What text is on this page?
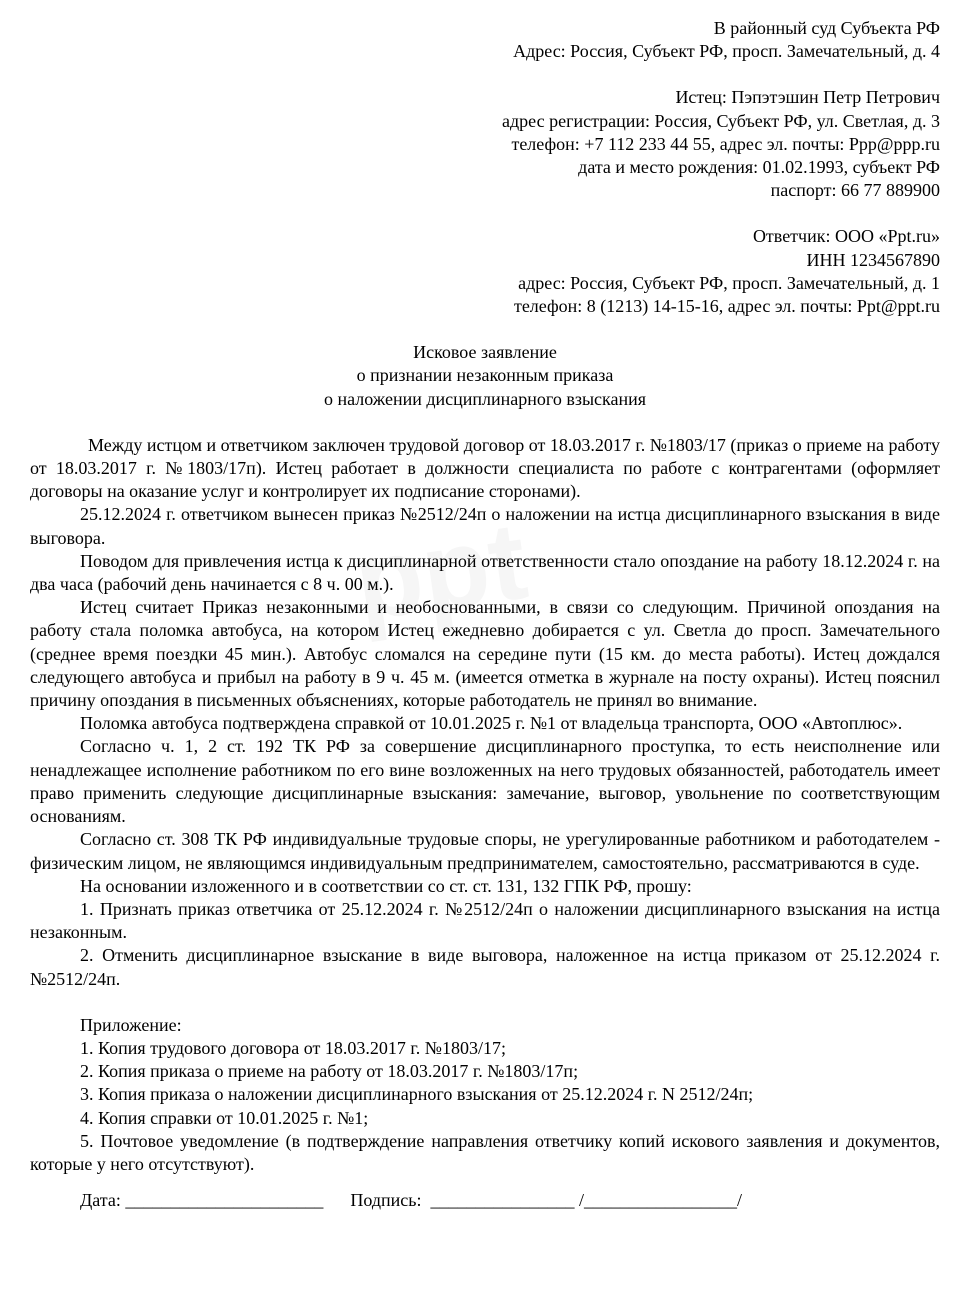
В районный суд Субъекта РФ
Адрес: Россия, Субъект РФ, просп. Замечательный, д. 4
Истец: Пэпэтэшин Петр Петрович
адрес регистрации: Россия, Субъект РФ, ул. Светлая, д. 3
телефон: +7 112 233 44 55, адрес эл. почты: Ppp@ppp.ru
дата и место рождения: 01.02.1993, субъект РФ
паспорт: 66 77 889900
Ответчик: ООО «Ppt.ru»
ИНН 1234567890
адрес: Россия, Субъект РФ, просп. Замечательный, д. 1
телефон: 8 (1213) 14-15-16, адрес эл. почты: Ppt@ppt.ru
Исковое заявление
о признании незаконным приказа
о наложении дисциплинарного взыскания

Между истцом и ответчиком заключен трудовой договор от 18.03.2017 г. №1803/17 (приказ о приеме на работу от 18.03.2017 г. №1803/17п). Истец работает в должности специалиста по работе с контрагентами (оформляет договоры на оказание услуг и контролирует их подписание сторонами).

25.12.2024 г. ответчиком вынесен приказ №2512/24п о наложении на истца дисциплинарного взыскания в виде выговора.

Поводом для привлечения истца к дисциплинарной ответственности стало опоздание на работу 18.12.2024 г. на два часа (рабочий день начинается с 8 ч. 00 м.).

Истец считает Приказ незаконными и необоснованными, в связи со следующим. Причиной опоздания на работу стала поломка автобуса, на котором Истец ежедневно добирается с ул. Светла до просп. Замечательного (среднее время поездки 45 мин.). Автобус сломался на середине пути (15 км. до места работы). Истец дождался следующего автобуса и прибыл на работу в 9 ч. 45 м. (имеется отметка в журнале на посту охраны). Истец пояснил причину опоздания в письменных объяснениях, которые работодатель не принял во внимание.

Поломка автобуса подтверждена справкой от 10.01.2025 г. №1 от владельца транспорта, ООО «Автоплюс».

Согласно ч. 1, 2 ст. 192 ТК РФ за совершение дисциплинарного проступка, то есть неисполнение или ненадлежащее исполнение работником по его вине возложенных на него трудовых обязанностей, работодатель имеет право применить следующие дисциплинарные взыскания: замечание, выговор, увольнение по соответствующим основаниям.

Согласно ст. 308 ТК РФ индивидуальные трудовые споры, не урегулированные работником и работодателем - физическим лицом, не являющимся индивидуальным предпринимателем, самостоятельно, рассматриваются в суде.

На основании изложенного и в соответствии со ст. ст. 131, 132 ГПК РФ, прошу:

1. Признать приказ ответчика от 25.12.2024 г. №2512/24п о наложении дисциплинарного взыскания на истца незаконным.

2. Отменить дисциплинарное взыскание в виде выговора, наложенное на истца приказом от 25.12.2024 г. №2512/24п.

Приложение:

1. Копия трудового договора от 18.03.2017 г. №1803/17;

2. Копия приказа о приеме на работу от 18.03.2017 г. №1803/17п;

3. Копия приказа о наложении дисциплинарного взыскания от 25.12.2024 г. N 2512/24п;

4. Копия справки от 10.01.2025 г. №1;

5. Почтовое уведомление (в подтверждение направления ответчику копий искового заявления и документов, которые у него отсутствуют).

Дата: ______________________ Подпись:  ________________ /_________________/
